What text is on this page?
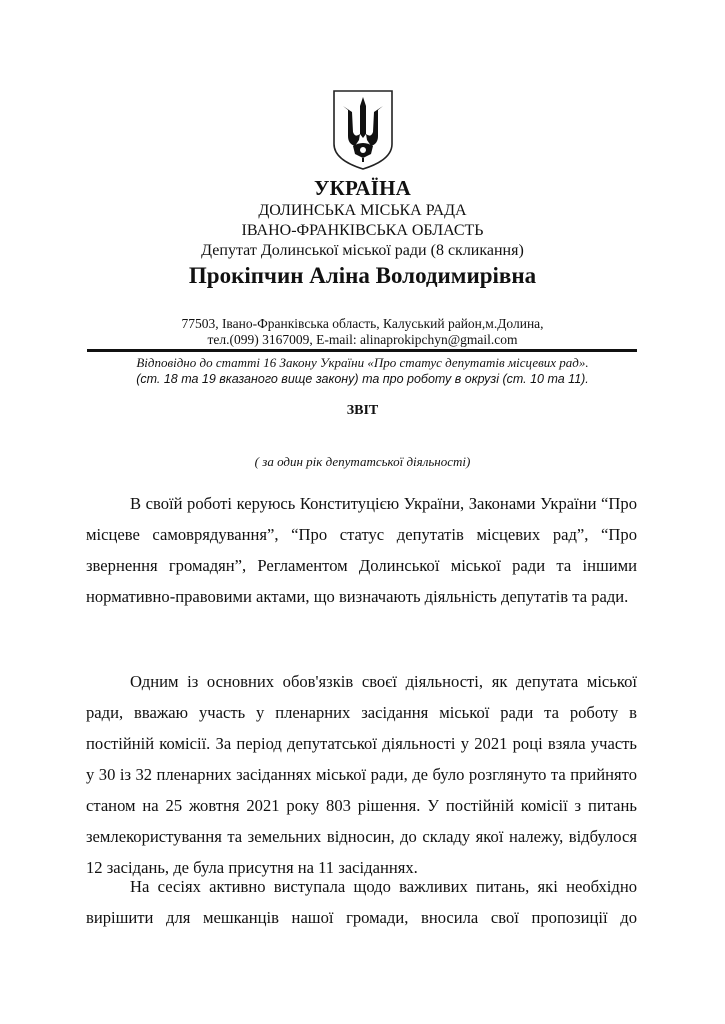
УКРАЇНА
ДОЛИНСЬКА МІСЬКА РАДА
ІВАНО-ФРАНКІВСЬКА ОБЛАСТЬ
Депутат Долинської міської ради (8 скликання)
Прокіпчин Аліна Володимирівна
77503, Івано-Франківська область, Калуський район,м.Долина,
тел.(099) 3167009, E-mail: alinaprokipchyn@gmail.com
Відповідно до статті 16 Закону України «Про статус депутатів місцевих рад».
(ст. 18 та 19 вказаного вище закону) та про роботу в окрузі (ст. 10 та 11).
ЗВІТ
( за один рік депутатської діяльності)

В своїй роботі керуюсь Конституцією України, Законами України “Про місцеве самоврядування”, “Про статус депутатів місцевих рад”, “Про звернення громадян”, Регламентом Долинської міської ради та іншими нормативно-правовими актами, що визначають діяльність депутатів та ради.

Одним із основних обов'язків своєї діяльності, як депутата міської ради, вважаю участь у пленарних засідання міської ради та роботу в постійній комісії. За період депутатської діяльності у 2021 році взяла участь у 30 із 32 пленарних засіданнях міської ради, де було розглянуто та прийнято станом на 25 жовтня 2021 року 803 рішення. У постійній комісії з питань землекористування та земельних відносин, до складу якої належу, відбулося 12 засідань, де була присутня на 11 засіданнях.

На сесіях активно виступала щодо важливих питань, які необхідно вирішити для мешканців нашої громади, вносила свої пропозиції до
